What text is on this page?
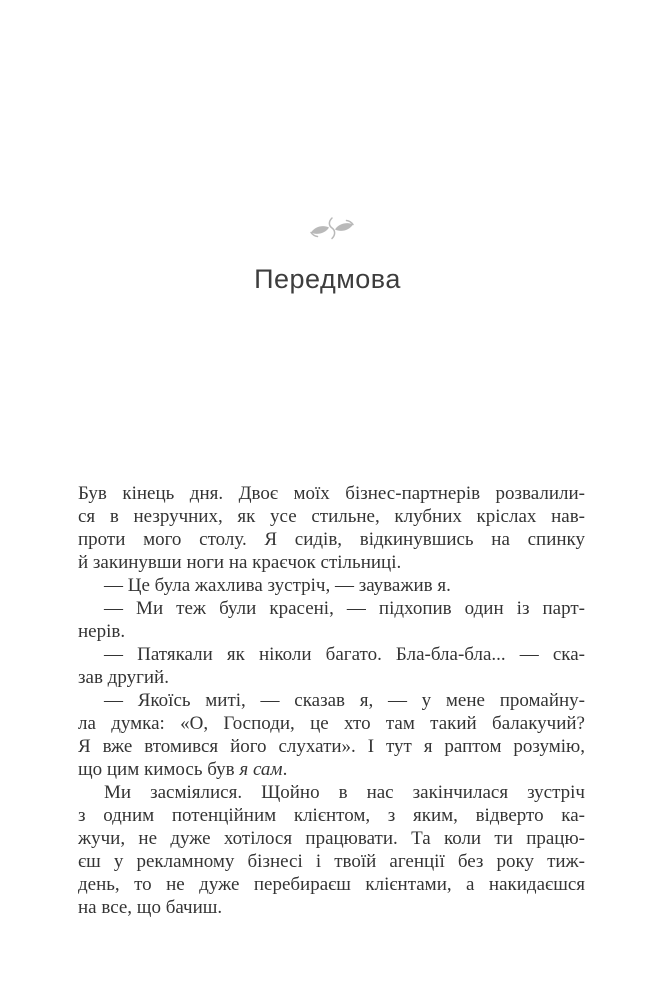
Передмова
Був кінець дня. Двоє моїх бізнес-партнерів розвалили-
ся в незручних, як усе стильне, клубних кріслах нав-
проти мого столу. Я сидів, відкинувшись на спинку
й закинувши ноги на краєчок стільниці.
— Це була жахлива зустріч, — зауважив я.
— Ми теж були красені, — підхопив один із парт-
нерів.
— Патякали як ніколи багато. Бла-бла-бла... — ска-
зав другий.
— Якоїсь миті, — сказав я, — у мене промайну-
ла думка: «О, Господи, це хто там такий балакучий?
Я вже втомився його слухати». І тут я раптом розумію,
що цим кимось був я сам.
Ми засміялися. Щойно в нас закінчилася зустріч
з одним потенційним клієнтом, з яким, відверто ка-
жучи, не дуже хотілося працювати. Та коли ти працю-
єш у рекламному бізнесі і твоїй агенції без року тиж-
день, то не дуже перебираєш клієнтами, а накидаєшся
на все, що бачиш.
